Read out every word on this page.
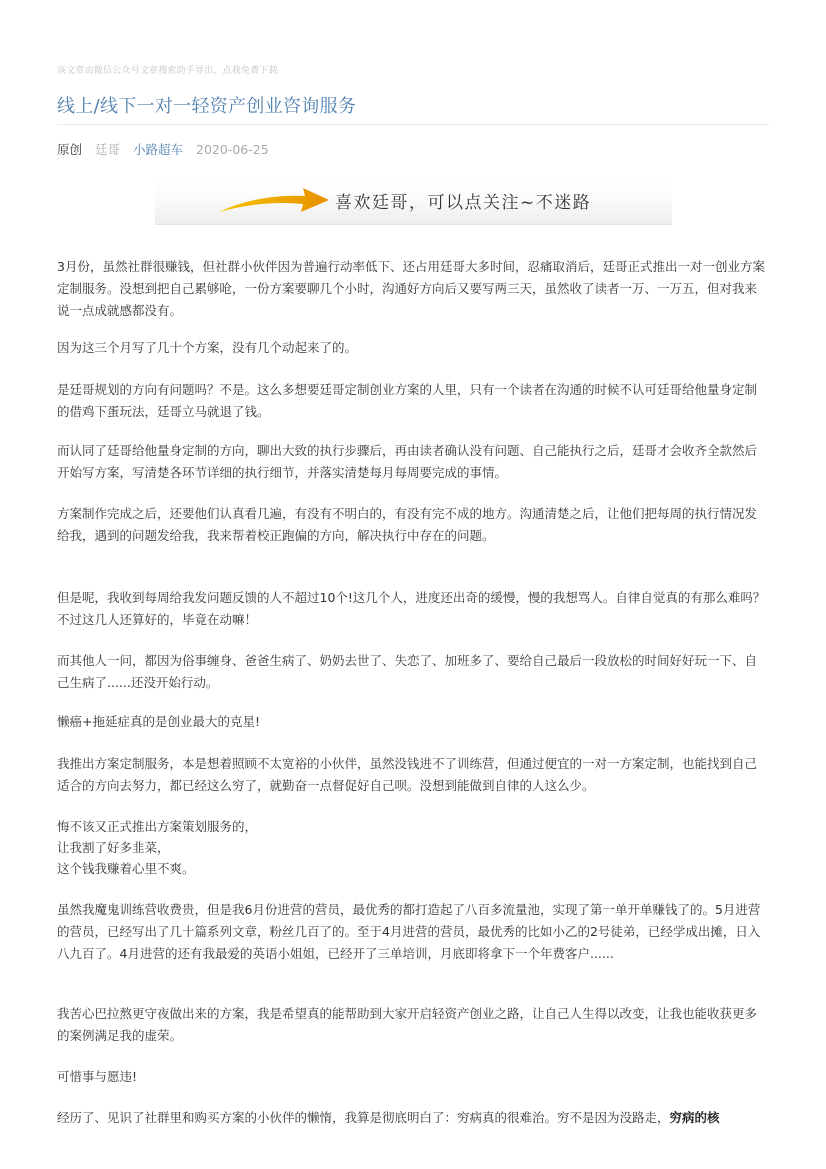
该文章由微信公众号文章搜索助手导出，点我免费下载
线上/线下一对一轻资产创业咨询服务
原创 廷哥 小路超车 2020-06-25
喜欢廷哥，可以点关注~不迷路

3月份，虽然社群很赚钱，但社群小伙伴因为普遍行动率低下、还占用廷哥大多时间，忍痛取消后，廷哥正式推出一对一创业方案定制服务。没想到把自己累够呛，一份方案要聊几个小时，沟通好方向后又要写两三天，虽然收了读者一万、一万五，但对我来说一点成就感都没有。

因为这三个月写了几十个方案，没有几个动起来了的。

是廷哥规划的方向有问题吗？不是。这么多想要廷哥定制创业方案的人里，只有一个读者在沟通的时候不认可廷哥给他量身定制的借鸡下蛋玩法，廷哥立马就退了钱。

而认同了廷哥给他量身定制的方向，聊出大致的执行步骤后，再由读者确认没有问题、自己能执行之后，廷哥才会收齐全款然后开始写方案，写清楚各环节详细的执行细节，并落实清楚每月每周要完成的事情。

方案制作完成之后，还要他们认真看几遍，有没有不明白的，有没有完不成的地方。沟通清楚之后，让他们把每周的执行情况发给我，遇到的问题发给我，我来帮着校正跑偏的方向，解决执行中存在的问题。

但是呢，我收到每周给我发问题反馈的人不超过10个!这几个人，进度还出奇的缓慢，慢的我想骂人。自律自觉真的有那么难吗？不过这几人还算好的，毕竟在动嘛！

而其他人一问，都因为俗事缠身、爸爸生病了、奶奶去世了、失恋了、加班多了、要给自己最后一段放松的时间好好玩一下、自己生病了......还没开始行动。

懒癌+拖延症真的是创业最大的克星!

我推出方案定制服务，本是想着照顾不太宽裕的小伙伴，虽然没钱进不了训练营，但通过便宜的一对一方案定制，也能找到自己适合的方向去努力，都已经这么穷了，就勤奋一点督促好自己呗。没想到能做到自律的人这么少。

悔不该又正式推出方案策划服务的，

让我割了好多韭菜，

这个钱我赚着心里不爽。

虽然我魔鬼训练营收费贵，但是我6月份进营的营员，最优秀的都打造起了八百多流量池，实现了第一单开单赚钱了的。5月进营的营员，已经写出了几十篇系列文章，粉丝几百了的。至于4月进营的营员，最优秀的比如小乙的2号徒弟，已经学成出摊，日入八九百了。4月进营的还有我最爱的英语小姐姐，已经开了三单培训，月底即将拿下一个年费客户......

我苦心巴拉熬更守夜做出来的方案，我是希望真的能帮助到大家开启轻资产创业之路，让自己人生得以改变，让我也能收获更多的案例满足我的虚荣。

可惜事与愿违!

经历了、见识了社群里和购买方案的小伙伴的懒惰，我算是彻底明白了：穷病真的很难治。穷不是因为没路走，穷病的核
